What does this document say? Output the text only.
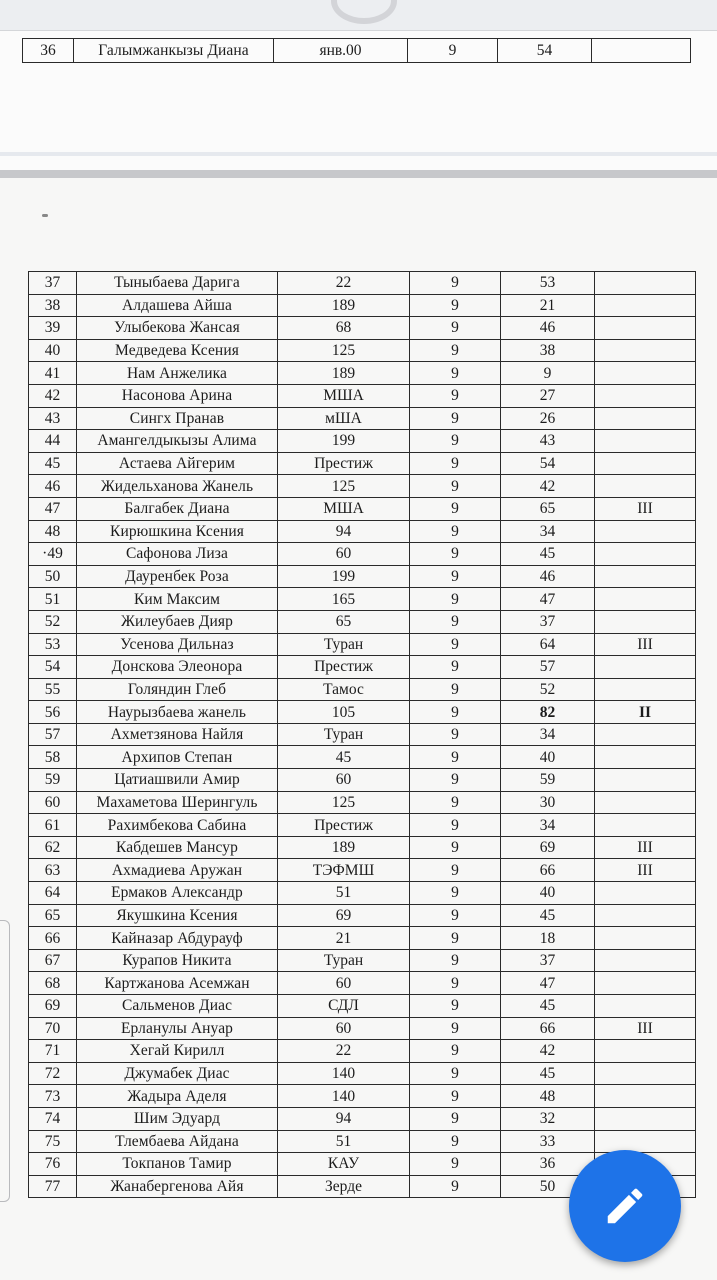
36	Галымжанкызы Диана	янв.00	9	54	
37	Тыныбаева Дарига	22	9	53	
38	Алдашева Айша	189	9	21	
39	Улыбекова Жансая	68	9	46	
40	Медведева Ксения	125	9	38	
41	Нам Анжелика	189	9	9	
42	Насонова Арина	МША	9	27	
43	Сингх Пранав	мША	9	26	
44	Амангелдыкызы Алима	199	9	43	
45	Астаева Айгерим	Престиж	9	54	
46	Жидельханова Жанель	125	9	42	
47	Балгабек Диана	МША	9	65	III
48	Кирюшкина Ксения	94	9	34	
·49	Сафонова Лиза	60	9	45	
50	Дауренбек Роза	199	9	46	
51	Ким Максим	165	9	47	
52	Жилеубаев Дияр	65	9	37	
53	Усенова Дильназ	Туран	9	64	III
54	Донскова Элеонора	Престиж	9	57	
55	Голяндин Глеб	Тамос	9	52	
56	Наурызбаева жанель	105	9	82	II
57	Ахметзянова Найля	Туран	9	34	
58	Архипов Степан	45	9	40	
59	Цатиашвили Амир	60	9	59	
60	Махаметова Шерингуль	125	9	30	
61	Рахимбекова Сабина	Престиж	9	34	
62	Кабдешев Мансур	189	9	69	III
63	Ахмадиева Аружан	ТЭФМШ	9	66	III
64	Ермаков Александр	51	9	40	
65	Якушкина Ксения	69	9	45	
66	Кайназар Абдурауф	21	9	18	
67	Курапов Никита	Туран	9	37	
68	Картжанова Асемжан	60	9	47	
69	Сальменов Диас	СДЛ	9	45	
70	Ерланулы Ануар	60	9	66	III
71	Хегай Кирилл	22	9	42	
72	Джумабек Диас	140	9	45	
73	Жадыра Аделя	140	9	48	
74	Шим Эдуард	94	9	32	
75	Тлембаева Айдана	51	9	33	
76	Токпанов Тамир	КАУ	9	36	
77	Жанабергенова Айя	Зерде	9	50	
